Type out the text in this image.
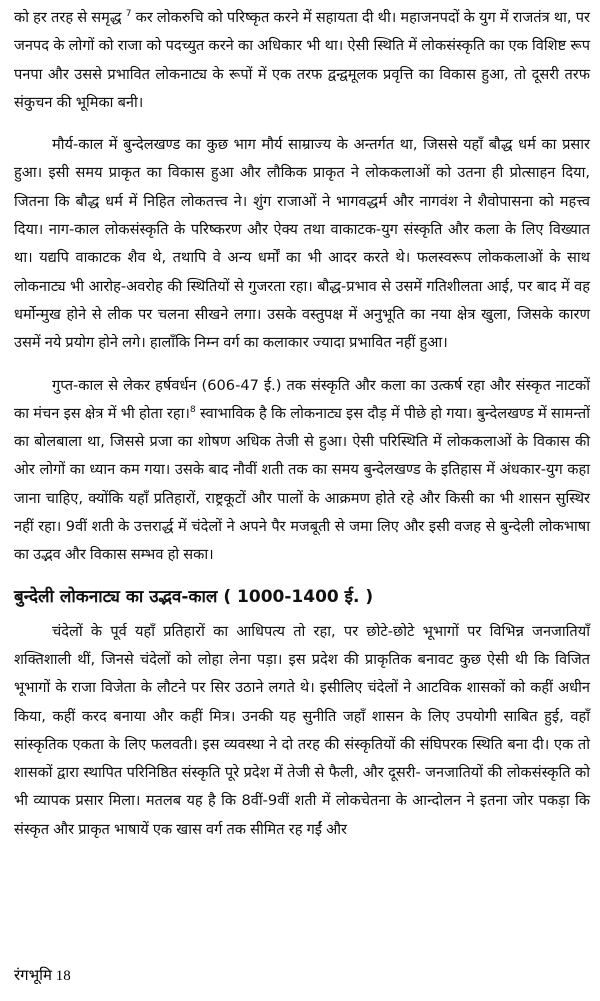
को हर तरह से समृद्ध $^7$ कर लोकरुचि को परिष्कृत करने में सहायता दी थी। महाजनपदों के युग में राजतंत्र था, पर जनपद के लोगों को राजा को पदच्युत करने का अधिकार भी था। ऐसी स्थिति में लोकसंस्कृति का एक विशिष्ट रूप पनपा और उससे प्रभावित लोकनाट्य के रूपों में एक तरफ द्वन्द्वमूलक प्रवृत्ति का विकास हुआ, तो दूसरी तरफ संकुचन की भूमिका बनी।

मौर्य-काल में बुन्देलखण्ड का कुछ भाग मौर्य साम्राज्य के अन्तर्गत था, जिससे यहाँ बौद्ध धर्म का प्रसार हुआ। इसी समय प्राकृत का विकास हुआ और लौकिक प्राकृत ने लोककलाओं को उतना ही प्रोत्साहन दिया, जितना कि बौद्ध धर्म में निहित लोकतत्त्व ने। शुंग राजाओं ने भागवद्धर्म और नागवंश ने शैवोपासना को महत्त्व दिया। नाग-काल लोकसंस्कृति के परिष्करण और ऐक्य तथा वाकाटक-युग संस्कृति और कला के लिए विख्यात था। यद्यपि वाकाटक शैव थे, तथापि वे अन्य धर्मों का भी आदर करते थे। फलस्वरूप लोककलाओं के साथ लोकनाट्य भी आरोह-अवरोह की स्थितियों से गुजरता रहा। बौद्ध-प्रभाव से उसमें गतिशीलता आई, पर बाद में वह धर्मोन्मुख होने से लीक पर चलना सीखने लगा। उसके वस्तुपक्ष में अनुभूति का नया क्षेत्र खुला, जिसके कारण उसमें नये प्रयोग होने लगे। हालाँकि निम्न वर्ग का कलाकार ज्यादा प्रभावित नहीं हुआ।

गुप्त-काल से लेकर हर्षवर्धन (606-47 ई.) तक संस्कृति और कला का उत्कर्ष रहा और संस्कृत नाटकों का मंचन इस क्षेत्र में भी होता रहा।$^8$ स्वाभाविक है कि लोकनाट्य इस दौड़ में पीछे हो गया। बुन्देलखण्ड में सामन्तों का बोलबाला था, जिससे प्रजा का शोषण अधिक तेजी से हुआ। ऐसी परिस्थिति में लोककलाओं के विकास की ओर लोगों का ध्यान कम गया। उसके बाद नौवीं शती तक का समय बुन्देलखण्ड के इतिहास में अंधकार-युग कहा जाना चाहिए, क्योंकि यहाँ प्रतिहारों, राष्ट्रकूटों और पालों के आक्रमण होते रहे और किसी का भी शासन सुस्थिर नहीं रहा। 9वीं शती के उत्तरार्द्ध में चंदेलों ने अपने पैर मजबूती से जमा लिए और इसी वजह से बुन्देली लोकभाषा का उद्भव और विकास सम्भव हो सका।

बुन्देली लोकनाट्य का उद्भव-काल ( 1000-1400 ई. )

चंदेलों के पूर्व यहाँ प्रतिहारों का आधिपत्य तो रहा, पर छोटे-छोटे भूभागों पर विभिन्न जनजातियाँ शक्तिशाली थीं, जिनसे चंदेलों को लोहा लेना पड़ा। इस प्रदेश की प्राकृतिक बनावट कुछ ऐसी थी कि विजित भूभागों के राजा विजेता के लौटने पर सिर उठाने लगते थे। इसीलिए चंदेलों ने आटविक शासकों को कहीं अधीन किया, कहीं करद बनाया और कहीं मित्र। उनकी यह सुनीति जहाँ शासन के लिए उपयोगी साबित हुई, वहाँ सांस्कृतिक एकता के लिए फलवती। इस व्यवस्था ने दो तरह की संस्कृतियों की संघिपरक स्थिति बना दी। एक तो शासकों द्वारा स्थापित परिनिष्ठित संस्कृति पूरे प्रदेश में तेजी से फैली, और दूसरी- जनजातियों की लोकसंस्कृति को भी व्यापक प्रसार मिला। मतलब यह है कि 8वीं-9वीं शती में लोकचेतना के आन्दोलन ने इतना जोर पकड़ा कि संस्कृत और प्राकृत भाषायें एक खास वर्ग तक सीमित रह गईं और

रंगभूमि 18
